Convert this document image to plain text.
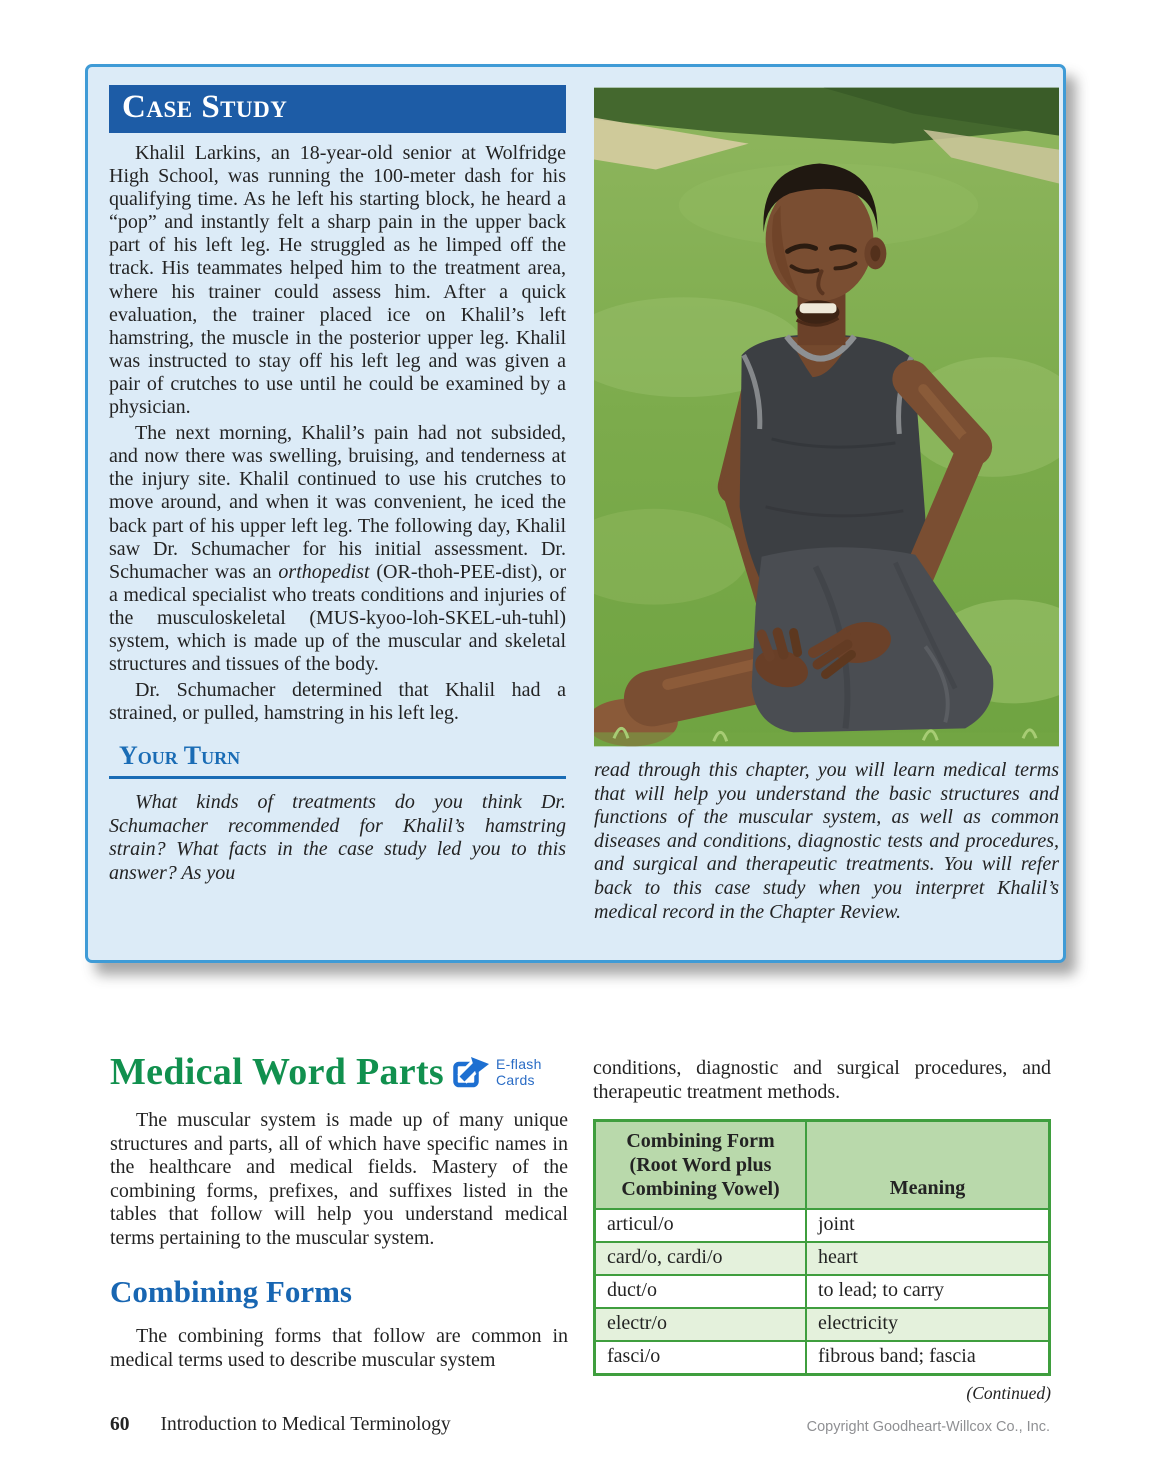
Case Study

Khalil Larkins, an 18-year-old senior at Wolfridge High School, was running the 100-meter dash for his qualifying time. As he left his starting block, he heard a “pop” and instantly felt a sharp pain in the upper back part of his left leg. He struggled as he limped off the track. His teammates helped him to the treatment area, where his trainer could assess him. After a quick evaluation, the trainer placed ice on Khalil’s left hamstring, the muscle in the posterior upper leg. Khalil was instructed to stay off his left leg and was given a pair of crutches to use until he could be examined by a physician.

The next morning, Khalil’s pain had not subsided, and now there was swelling, bruising, and tenderness at the injury site. Khalil continued to use his crutches to move around, and when it was convenient, he iced the back part of his upper left leg. The following day, Khalil saw Dr. Schumacher for his initial assessment. Dr. Schumacher was an orthopedist (OR-thoh-PEE-dist), or a medical specialist who treats conditions and injuries of the musculoskeletal (MUS-kyoo-loh-SKEL-uh-tuhl) system, which is made up of the muscular and skeletal structures and tissues of the body.

Dr. Schumacher determined that Khalil had a strained, or pulled, hamstring in his left leg.

Your Turn

What kinds of treatments do you think Dr. Schumacher recommended for Khalil’s hamstring strain? What facts in the case study led you to this answer? As you

read through this chapter, you will learn medical terms that will help you understand the basic structures and functions of the muscular system, as well as common diseases and conditions, diagnostic tests and procedures, and surgical and therapeutic treatments. You will refer back to this case study when you interpret Khalil’s medical record in the Chapter Review.

Medical Word Parts	E-flash
Cards

The muscular system is made up of many unique structures and parts, all of which have specific names in the healthcare and medical fields. Mastery of the combining forms, prefixes, and suffixes listed in the tables that follow will help you understand medical terms pertaining to the muscular system.

Combining Forms

The combining forms that follow are common in medical terms used to describe muscular system

conditions, diagnostic and surgical procedures, and therapeutic treatment methods.

Combining Form (Root Word plus Combining Vowel)	Meaning
articul/o	joint
card/o, cardi/o	heart
duct/o	to lead; to carry
electr/o	electricity
fasci/o	fibrous band; fascia
(Continued)
60 Introduction to Medical Terminology	Copyright Goodheart-Willcox Co., Inc.
